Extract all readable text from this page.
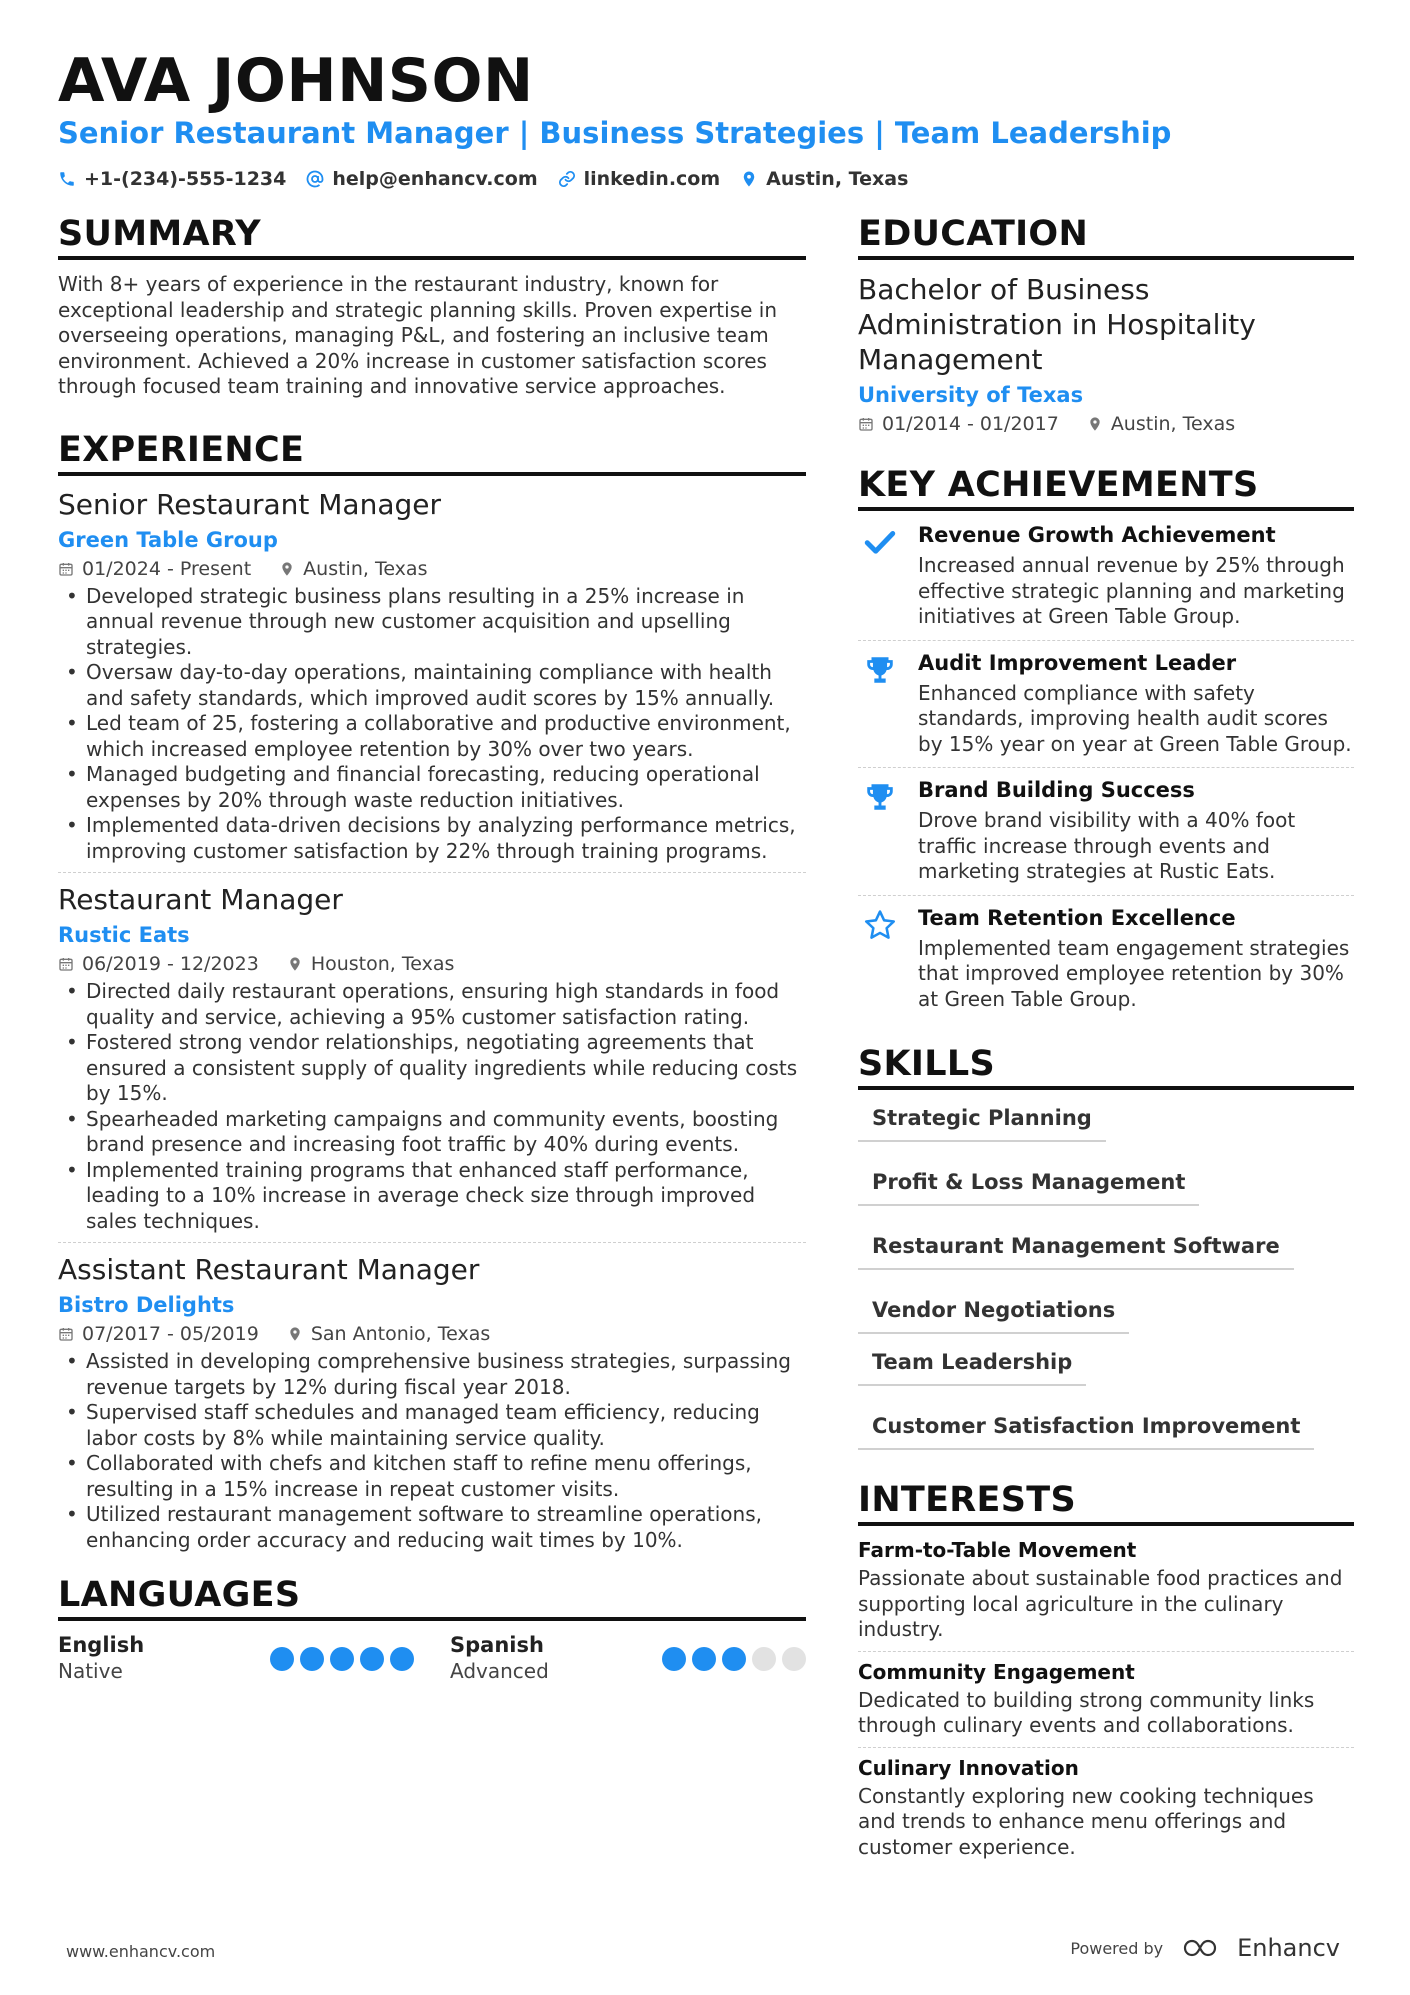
AVA JOHNSON
Senior Restaurant Manager | Business Strategies | Team Leadership
+1-(234)-555-1234 help@enhancv.com linkedin.com Austin, Texas
SUMMARY
With 8+ years of experience in the restaurant industry, known for exceptional leadership and strategic planning skills. Proven expertise in overseeing operations, managing P&L, and fostering an inclusive team environment. Achieved a 20% increase in customer satisfaction scores through focused team training and innovative service approaches.
EXPERIENCE
Senior Restaurant Manager
Green Table Group
01/2024 - Present	Austin, Texas
• Developed strategic business plans resulting in a 25% increase in annual revenue through new customer acquisition and upselling strategies.
• Oversaw day-to-day operations, maintaining compliance with health and safety standards, which improved audit scores by 15% annually.
• Led team of 25, fostering a collaborative and productive environment, which increased employee retention by 30% over two years.
• Managed budgeting and financial forecasting, reducing operational expenses by 20% through waste reduction initiatives.
• Implemented data-driven decisions by analyzing performance metrics, improving customer satisfaction by 22% through training programs.
Restaurant Manager
Rustic Eats
06/2019 - 12/2023	Houston, Texas
• Directed daily restaurant operations, ensuring high standards in food quality and service, achieving a 95% customer satisfaction rating.
• Fostered strong vendor relationships, negotiating agreements that ensured a consistent supply of quality ingredients while reducing costs by 15%.
• Spearheaded marketing campaigns and community events, boosting brand presence and increasing foot traffic by 40% during events.
• Implemented training programs that enhanced staff performance, leading to a 10% increase in average check size through improved sales techniques.
Assistant Restaurant Manager
Bistro Delights
07/2017 - 05/2019	San Antonio, Texas
• Assisted in developing comprehensive business strategies, surpassing revenue targets by 12% during fiscal year 2018.
• Supervised staff schedules and managed team efficiency, reducing labor costs by 8% while maintaining service quality.
• Collaborated with chefs and kitchen staff to refine menu offerings, resulting in a 15% increase in repeat customer visits.
• Utilized restaurant management software to streamline operations, enhancing order accuracy and reducing wait times by 10%.
LANGUAGES
English
Native
Spanish
Advanced
EDUCATION
Bachelor of Business Administration in Hospitality Management
University of Texas
01/2014 - 01/2017	Austin, Texas
KEY ACHIEVEMENTS
Revenue Growth Achievement
Increased annual revenue by 25% through effective strategic planning and marketing initiatives at Green Table Group.
Audit Improvement Leader
Enhanced compliance with safety standards, improving health audit scores by 15% year on year at Green Table Group.
Brand Building Success
Drove brand visibility with a 40% foot traffic increase through events and marketing strategies at Rustic Eats.
Team Retention Excellence
Implemented team engagement strategies that improved employee retention by 30% at Green Table Group.
SKILLS
Strategic Planning
Profit & Loss Management
Restaurant Management Software
Vendor Negotiations
Team Leadership
Customer Satisfaction Improvement
INTERESTS
Farm-to-Table Movement
Passionate about sustainable food practices and supporting local agriculture in the culinary industry.
Community Engagement
Dedicated to building strong community links through culinary events and collaborations.
Culinary Innovation
Constantly exploring new cooking techniques and trends to enhance menu offerings and customer experience.
www.enhancv.com	Powered by	Enhancv
